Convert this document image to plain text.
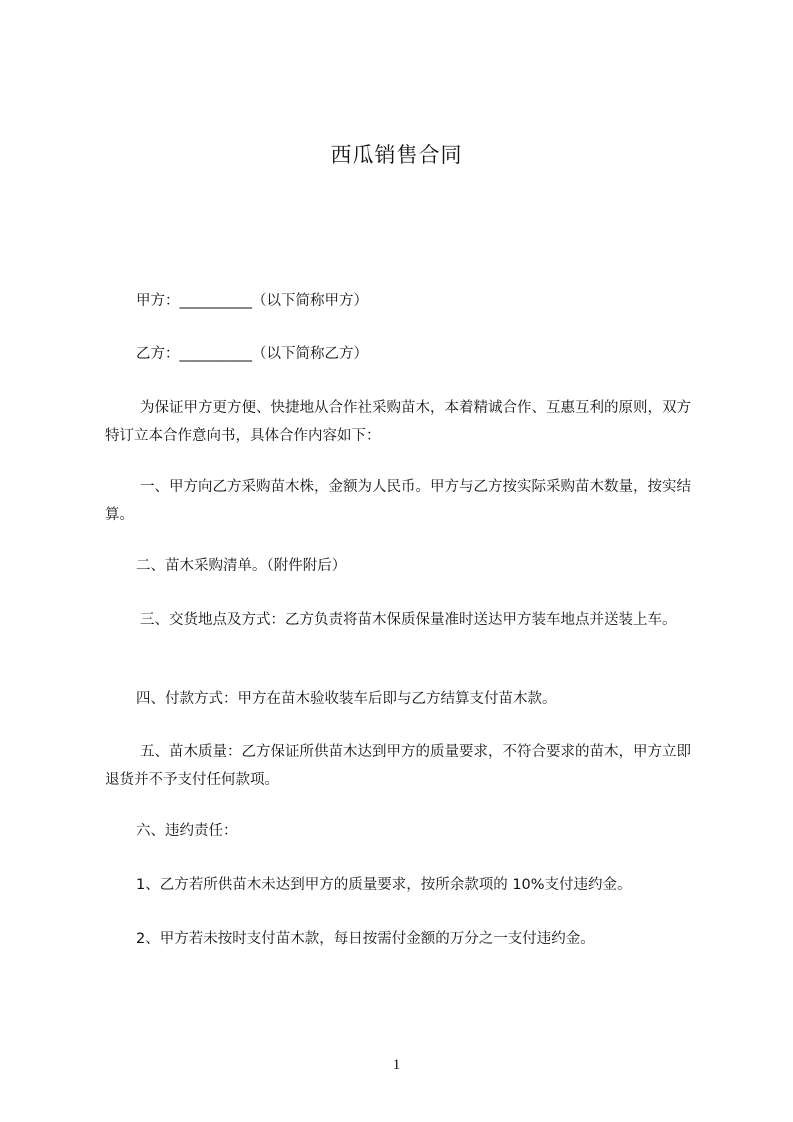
西瓜销售合同
甲方：__________（以下简称甲方）
乙方：__________（以下简称乙方）
为保证甲方更方便、快捷地从合作社采购苗木，本着精诚合作、互惠互利的原则，双方特订立本合作意向书，具体合作内容如下：
一、甲方向乙方采购苗木株，金额为人民币。甲方与乙方按实际采购苗木数量，按实结算。
二、苗木采购清单。（附件附后）
三、交货地点及方式：乙方负责将苗木保质保量准时送达甲方装车地点并送装上车。
四、付款方式：甲方在苗木验收装车后即与乙方结算支付苗木款。
五、苗木质量：乙方保证所供苗木达到甲方的质量要求，不符合要求的苗木，甲方立即退货并不予支付任何款项。
六、违约责任：
1、乙方若所供苗木未达到甲方的质量要求，按所余款项的 10%支付违约金。
2、甲方若未按时支付苗木款，每日按需付金额的万分之一支付违约金。
1
